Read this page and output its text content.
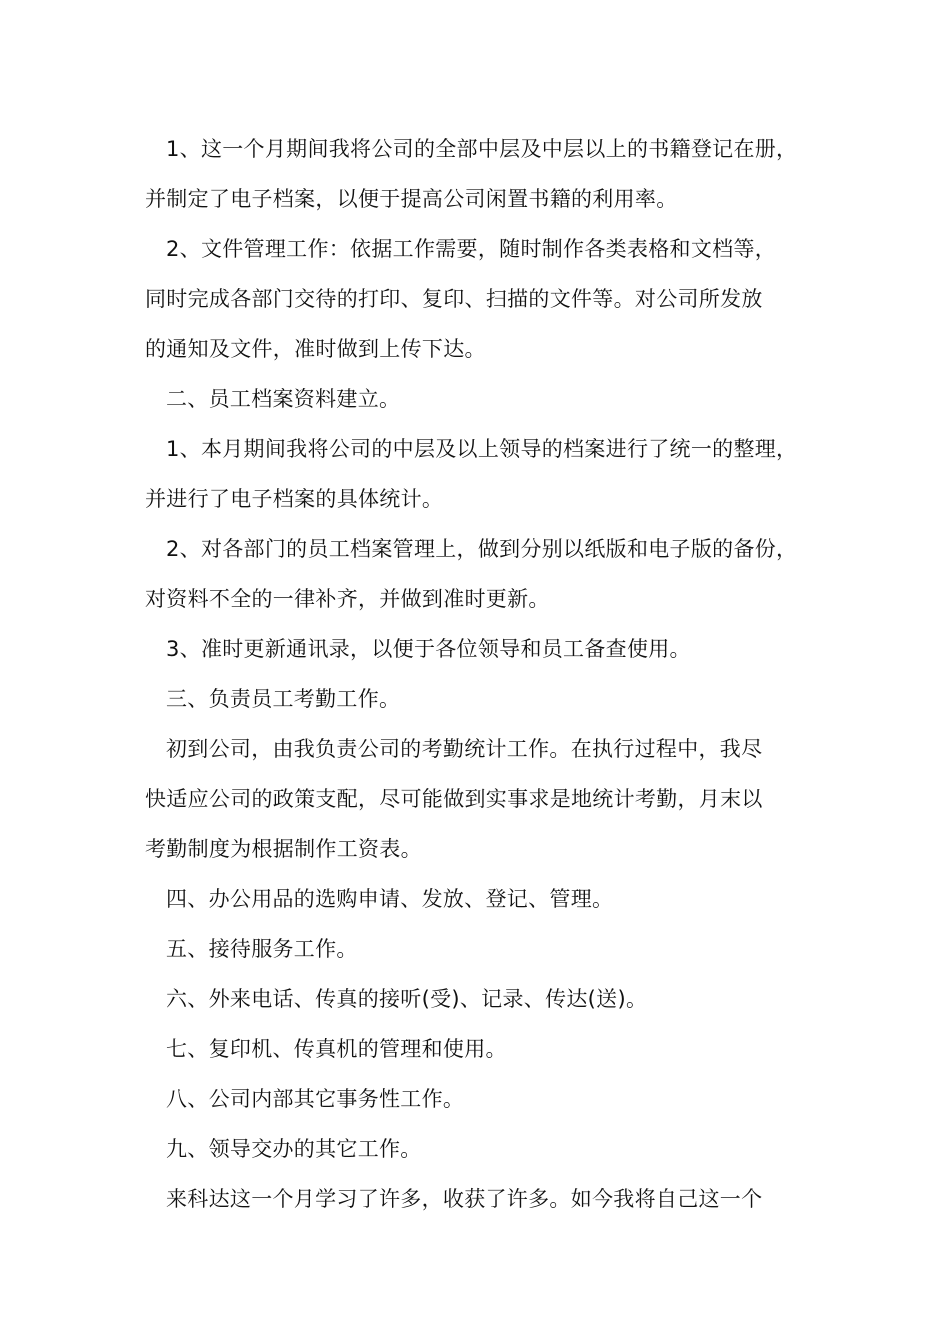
1、这一个月期间我将公司的全部中层及中层以上的书籍登记在册，
并制定了电子档案，以便于提高公司闲置书籍的利用率。
2、文件管理工作：依据工作需要，随时制作各类表格和文档等，
同时完成各部门交待的打印、复印、扫描的文件等。对公司所发放
的通知及文件，准时做到上传下达。
二、员工档案资料建立。
1、本月期间我将公司的中层及以上领导的档案进行了统一的整理，
并进行了电子档案的具体统计。
2、对各部门的员工档案管理上，做到分别以纸版和电子版的备份，
对资料不全的一律补齐，并做到准时更新。
3、准时更新通讯录，以便于各位领导和员工备查使用。
三、负责员工考勤工作。
初到公司，由我负责公司的考勤统计工作。在执行过程中，我尽
快适应公司的政策支配，尽可能做到实事求是地统计考勤，月末以
考勤制度为根据制作工资表。
四、办公用品的选购申请、发放、登记、管理。
五、接待服务工作。
六、外来电话、传真的接听(受)、记录、传达(送)。
七、复印机、传真机的管理和使用。
八、公司内部其它事务性工作。
九、领导交办的其它工作。
来科达这一个月学习了许多，收获了许多。如今我将自己这一个
